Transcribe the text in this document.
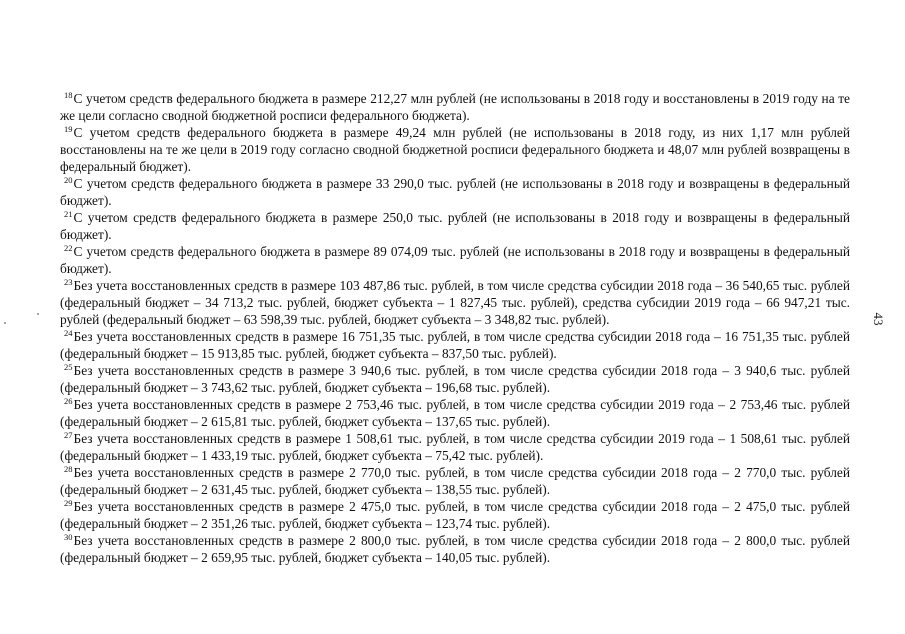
$^{18}$С учетом средств федерального бюджета в размере 212,27 млн рублей (не использованы в 2018 году и восстановлены в 2019 году на те же цели согласно сводной бюджетной росписи федерального бюджета).

$^{19}$С учетом средств федерального бюджета в размере 49,24 млн рублей (не использованы в 2018 году, из них 1,17 млн рублей восстановлены на те же цели в 2019 году согласно сводной бюджетной росписи федерального бюджета и 48,07 млн рублей возвращены в федеральный бюджет).

$^{20}$С учетом средств федерального бюджета в размере 33 290,0 тыс. рублей (не использованы в 2018 году и возвращены в федеральный бюджет).

$^{21}$С учетом средств федерального бюджета в размере 250,0 тыс. рублей (не использованы в 2018 году и возвращены в федеральный бюджет).

$^{22}$С учетом средств федерального бюджета в размере 89 074,09 тыс. рублей (не использованы в 2018 году и возвращены в федеральный бюджет).

$^{23}$Без учета восстановленных средств в размере 103 487,86 тыс. рублей, в том числе средства субсидии 2018 года – 36 540,65 тыс. рублей (федеральный бюджет – 34 713,2 тыс. рублей, бюджет субъекта – 1 827,45 тыс. рублей), средства субсидии 2019 года – 66 947,21 тыс. рублей (федеральный бюджет – 63 598,39 тыс. рублей, бюджет субъекта – 3 348,82 тыс. рублей).

$^{24}$Без учета восстановленных средств в размере 16 751,35 тыс. рублей, в том числе средства субсидии 2018 года – 16 751,35 тыс. рублей (федеральный бюджет – 15 913,85 тыс. рублей, бюджет субъекта – 837,50 тыс. рублей).

$^{25}$Без учета восстановленных средств в размере 3 940,6 тыс. рублей, в том числе средства субсидии 2018 года – 3 940,6 тыс. рублей (федеральный бюджет – 3 743,62 тыс. рублей, бюджет субъекта – 196,68 тыс. рублей).

$^{26}$Без учета восстановленных средств в размере 2 753,46 тыс. рублей, в том числе средства субсидии 2019 года – 2 753,46 тыс. рублей (федеральный бюджет – 2 615,81 тыс. рублей, бюджет субъекта – 137,65 тыс. рублей).

$^{27}$Без учета восстановленных средств в размере 1 508,61 тыс. рублей, в том числе средства субсидии 2019 года – 1 508,61 тыс. рублей (федеральный бюджет – 1 433,19 тыс. рублей, бюджет субъекта – 75,42 тыс. рублей).

$^{28}$Без учета восстановленных средств в размере 2 770,0 тыс. рублей, в том числе средства субсидии 2018 года – 2 770,0 тыс. рублей (федеральный бюджет – 2 631,45 тыс. рублей, бюджет субъекта – 138,55 тыс. рублей).

$^{29}$Без учета восстановленных средств в размере 2 475,0 тыс. рублей, в том числе средства субсидии 2018 года – 2 475,0 тыс. рублей (федеральный бюджет – 2 351,26 тыс. рублей, бюджет субъекта – 123,74 тыс. рублей).

$^{30}$Без учета восстановленных средств в размере 2 800,0 тыс. рублей, в том числе средства субсидии 2018 года – 2 800,0 тыс. рублей (федеральный бюджет – 2 659,95 тыс. рублей, бюджет субъекта – 140,05 тыс. рублей).

43
